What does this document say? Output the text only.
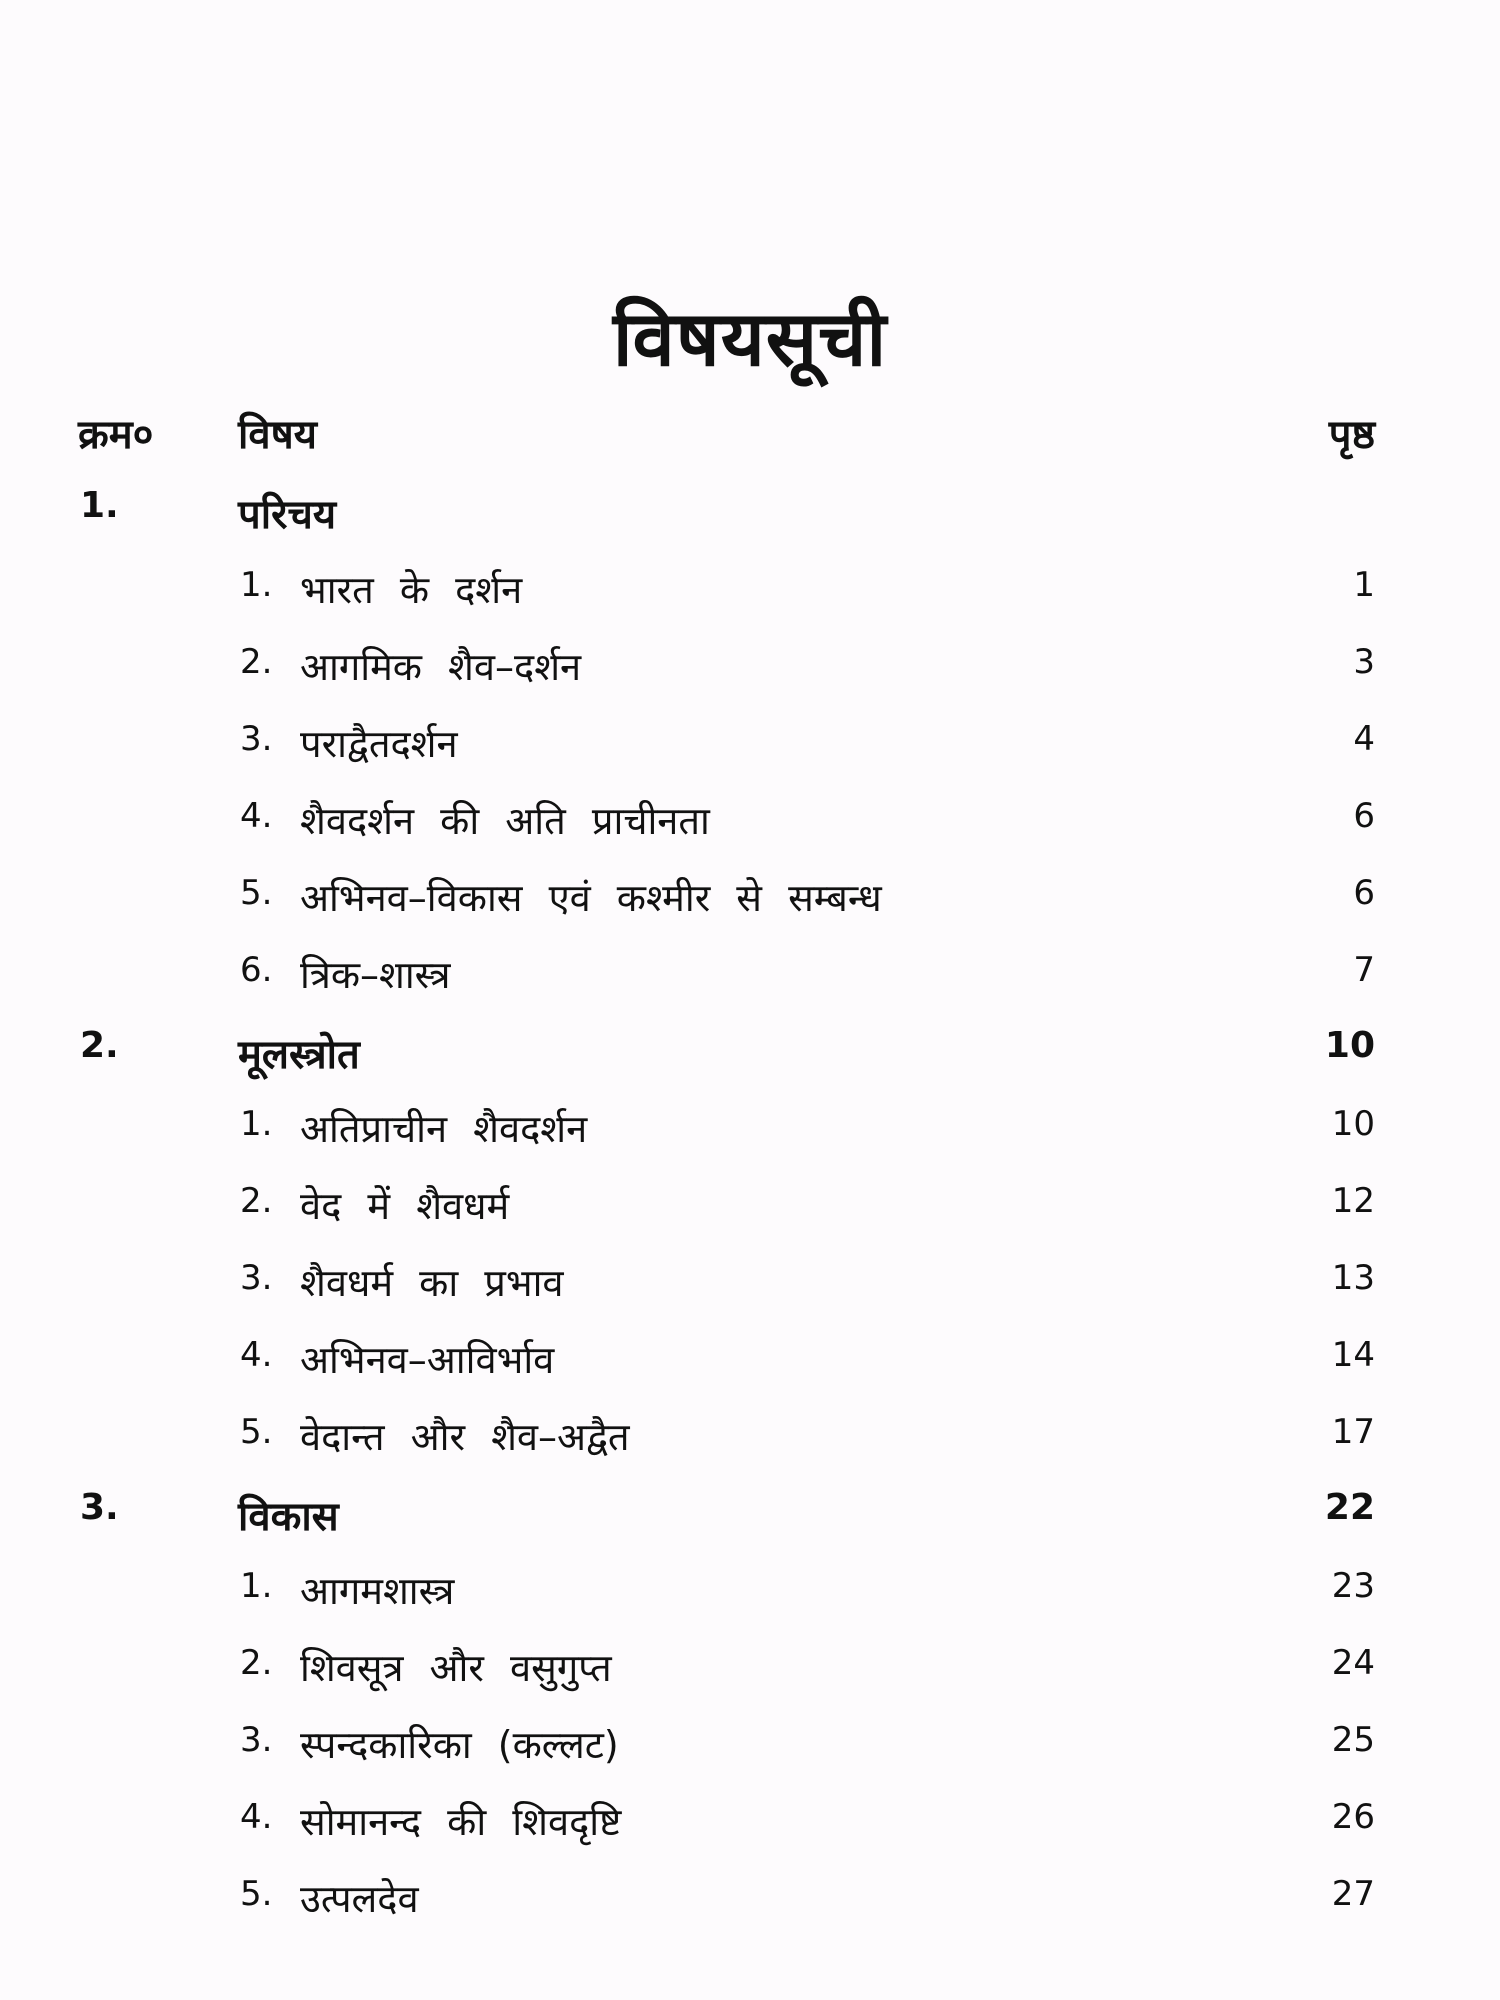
विषयसूची
क्रम० विषय	पृष्ठ
1.	परिचय
1. भारत के दर्शन	1
2. आगमिक शैव–दर्शन	3
3. पराद्वैतदर्शन	4
4. शैवदर्शन की अति प्राचीनता	6
5. अभिनव–विकास एवं कश्मीर से सम्बन्ध	6
6. त्रिक–शास्त्र	7
2.	मूलस्त्रोत	10
1. अतिप्राचीन शैवदर्शन	10
2. वेद में शैवधर्म	12
3. शैवधर्म का प्रभाव	13
4. अभिनव–आविर्भाव	14
5. वेदान्त और शैव–अद्वैत	17
3.	विकास	22
1. आगमशास्त्र	23
2. शिवसूत्र और वसुगुप्त	24
3. स्पन्दकारिका (कल्लट)	25
4. सोमानन्द की शिवदृष्टि	26
5. उत्पलदेव	27
